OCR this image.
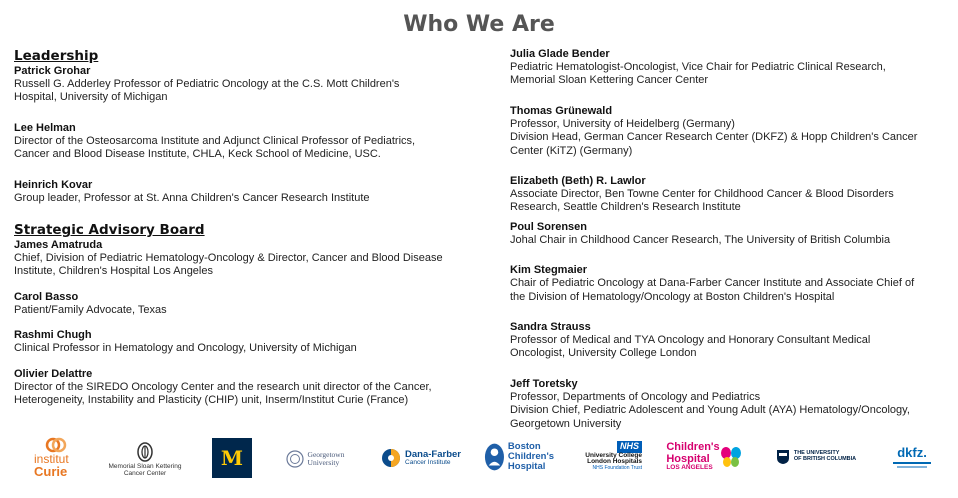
Who We Are
Leadership
Patrick Grohar
Russell G. Adderley Professor of Pediatric Oncology at the C.S. Mott Children's
Hospital, University of Michigan
Lee Helman
Director of the Osteosarcoma Institute and Adjunct Clinical Professor of Pediatrics,
Cancer and Blood Disease Institute, CHLA, Keck School of Medicine, USC.
Heinrich Kovar
Group leader, Professor at St. Anna Children's Cancer Research Institute
Strategic Advisory Board
James Amatruda
Chief, Division of Pediatric Hematology-Oncology & Director, Cancer and Blood Disease
Institute, Children's Hospital Los Angeles
Carol Basso
Patient/Family Advocate, Texas
Rashmi Chugh
Clinical Professor in Hematology and Oncology, University of Michigan
Olivier Delattre
Director of the SIREDO Oncology Center and the research unit director of the Cancer,
Heterogeneity, Instability and Plasticity (CHIP) unit, Inserm/Institut Curie (France)
Julia Glade Bender
Pediatric Hematologist-Oncologist, Vice Chair for Pediatric Clinical Research,
Memorial Sloan Kettering Cancer Center
Thomas Grünewald
Professor, University of Heidelberg (Germany)
Division Head, German Cancer Research Center (DKFZ) & Hopp Children's Cancer
Center (KiTZ) (Germany)
Elizabeth (Beth) R. Lawlor
Associate Director, Ben Towne Center for Childhood Cancer & Blood Disorders
Research, Seattle Children's Research Institute
Poul Sorensen
Johal Chair in Childhood Cancer Research, The University of British Columbia
Kim Stegmaier
Chair of Pediatric Oncology at Dana-Farber Cancer Institute and Associate Chief of
the Division of Hematology/Oncology at Boston Children's Hospital
Sandra Strauss
Professor of Medical and TYA Oncology and Honorary Consultant Medical
Oncologist, University College London
Jeff Toretsky
Professor, Departments of Oncology and Pediatrics
Division Chief, Pediatric Adolescent and Young Adult (AYA) Hematology/Oncology,
Georgetown University
institut
Curie	Memorial Sloan Kettering
Cancer Center
M	Georgetown
University
Dana-Farber
Cancer Institute
Boston
Children's
Hospital
NHS
University College
London Hospitals
NHS Foundation Trust
Children's
Hospital
LOS ANGELES
THE UNIVERSITY
OF BRITISH COLUMBIA	dkfz.
